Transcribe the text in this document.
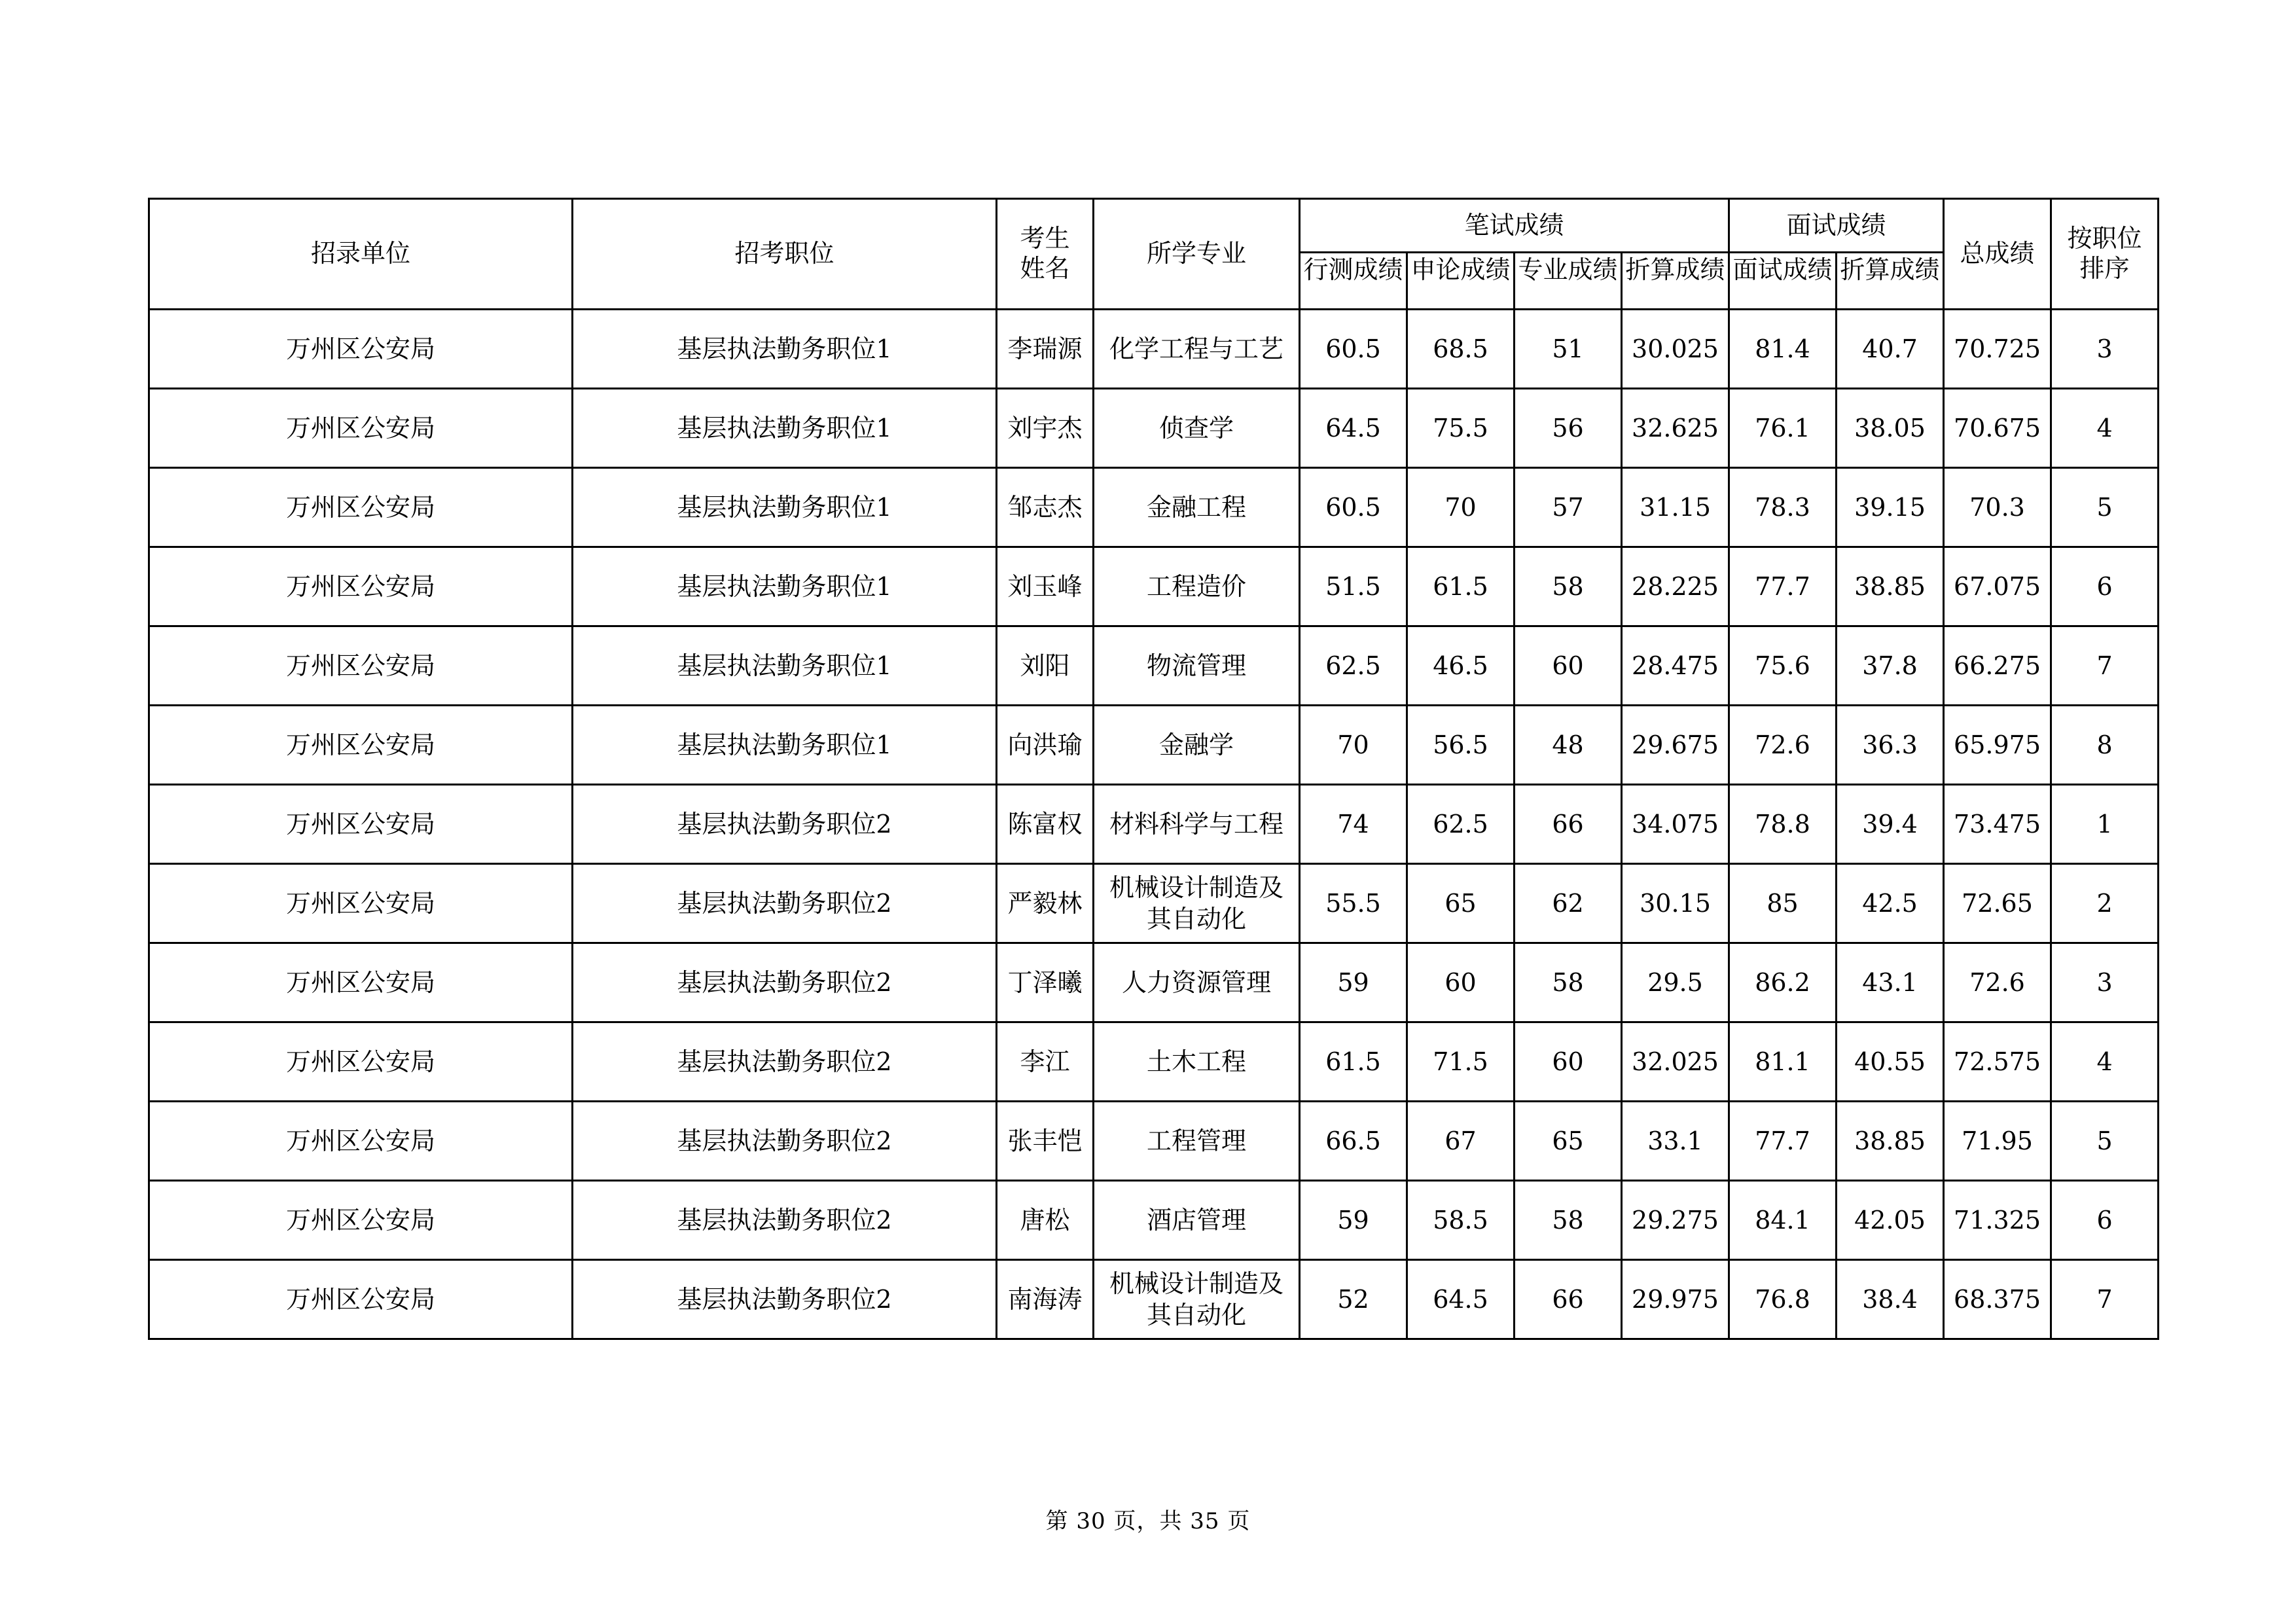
招录单位	招考职位	考生姓名	所学专业	笔试成绩				面试成绩		总成绩	按职位排序

				行测成绩	申论成绩	专业成绩	折算成绩	面试成绩	折算成绩		

万州区公安局	基层执法勤务职位1	李瑞源	化学工程与工艺	60.5	68.5	51	30.025	81.4	40.7	70.725	3
万州区公安局	基层执法勤务职位1	刘宇杰	侦查学	64.5	75.5	56	32.625	76.1	38.05	70.675	4
万州区公安局	基层执法勤务职位1	邹志杰	金融工程	60.5	70	57	31.15	78.3	39.15	70.3	5
万州区公安局	基层执法勤务职位1	刘玉峰	工程造价	51.5	61.5	58	28.225	77.7	38.85	67.075	6
万州区公安局	基层执法勤务职位1	刘阳	物流管理	62.5	46.5	60	28.475	75.6	37.8	66.275	7
万州区公安局	基层执法勤务职位1	向洪瑜	金融学	70	56.5	48	29.675	72.6	36.3	65.975	8
万州区公安局	基层执法勤务职位2	陈富权	材料科学与工程	74	62.5	66	34.075	78.8	39.4	73.475	1
万州区公安局	基层执法勤务职位2	严毅林	机械设计制造及其自动化	55.5	65	62	30.15	85	42.5	72.65	2
万州区公安局	基层执法勤务职位2	丁泽曦	人力资源管理	59	60	58	29.5	86.2	43.1	72.6	3
万州区公安局	基层执法勤务职位2	李江	土木工程	61.5	71.5	60	32.025	81.1	40.55	72.575	4
万州区公安局	基层执法勤务职位2	张丰恺	工程管理	66.5	67	65	33.1	77.7	38.85	71.95	5
万州区公安局	基层执法勤务职位2	唐松	酒店管理	59	58.5	58	29.275	84.1	42.05	71.325	6
万州区公安局	基层执法勤务职位2	南海涛	机械设计制造及其自动化	52	64.5	66	29.975	76.8	38.4	68.375	7
第 30 页，共 35 页
